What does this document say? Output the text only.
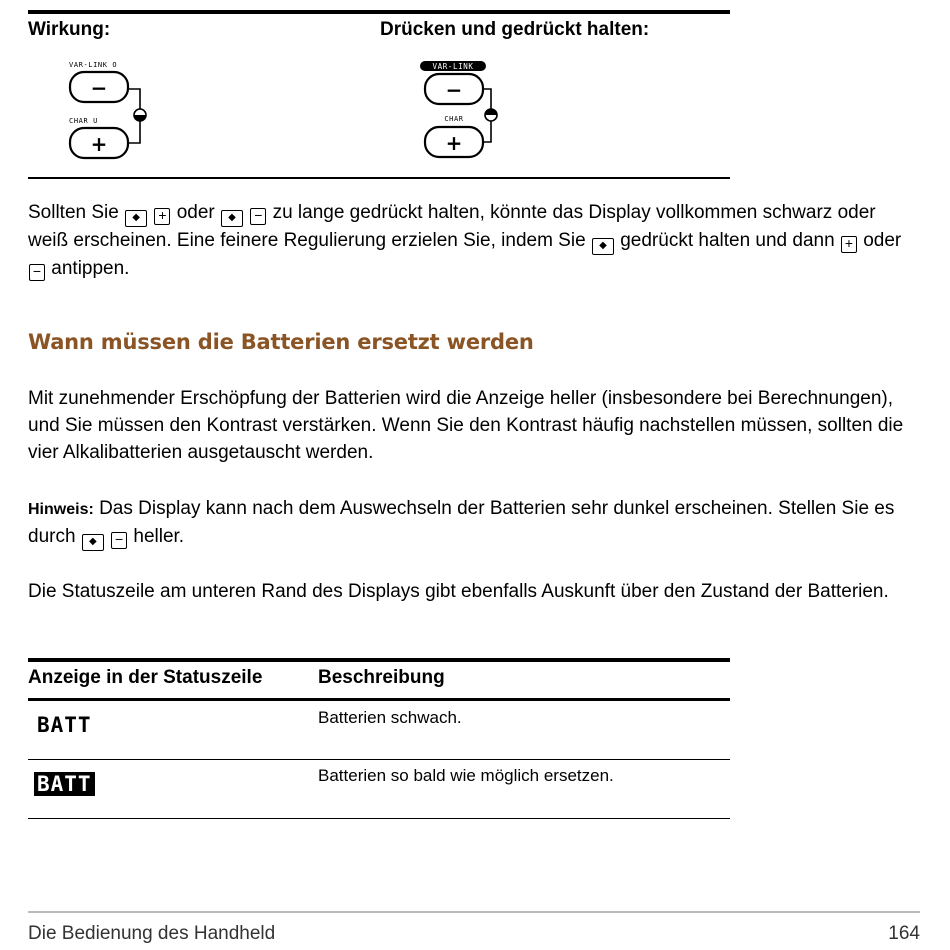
Wirkung:	Drücken und gedrückt halten:
VAR-LINK O
−
CHAR U
+
VAR-LINK
−
CHAR
+

Sollten Sie ◆ + oder ◆ − zu lange gedrückt halten, könnte das Display vollkommen schwarz oder weiß erscheinen. Eine feinere Regulierung erzielen Sie, indem Sie ◆ gedrückt halten und dann + oder − antippen.

Wann müssen die Batterien ersetzt werden

Mit zunehmender Erschöpfung der Batterien wird die Anzeige heller (insbesondere bei Berechnungen), und Sie müssen den Kontrast verstärken. Wenn Sie den Kontrast häufig nachstellen müssen, sollten die vier Alkalibatterien ausgetauscht werden.

Hinweis: Das Display kann nach dem Auswechseln der Batterien sehr dunkel erscheinen. Stellen Sie es durch ◆ − heller.

Die Statuszeile am unteren Rand des Displays gibt ebenfalls Auskunft über den Zustand der Batterien.

Anzeige in der Statuszeile	Beschreibung
BATT	Batterien schwach.
BATT	Batterien so bald wie möglich ersetzen.
Die Bedienung des Handheld	164
